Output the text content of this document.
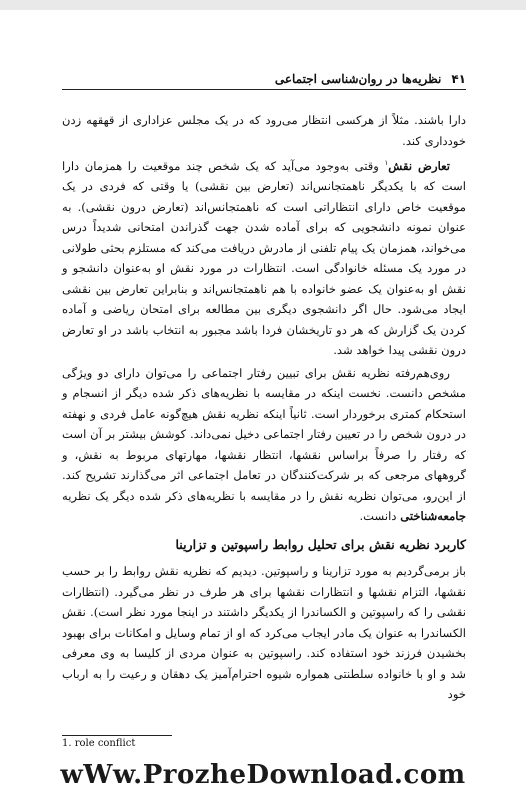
۴۱
نظریه‌ها در روان‌شناسی اجتماعی

دارا باشند. مثلاً از هرکسی انتظار می‌رود که در یک مجلس عزاداری از قهقهه زدن خودداری کند.

تعارض نقش$^۱$ وقتی به‌وجود می‌آید که یک شخص چند موقعیت را همزمان دارا است که با یکدیگر ناهمتجانس‌اند (تعارض بین نقشی) یا وقتی که فردی در یک موقعیت خاص دارای انتظاراتی است که ناهمتجانس‌اند (تعارض درون نقشی). به عنوان نمونه دانشجویی که برای آماده شدن جهت گذراندن امتحانی شدیداً درس می‌خواند، همزمان یک پیام تلفنی از مادرش دریافت می‌کند که مستلزم بحثی طولانی در مورد یک مسئله خانوادگی است. انتظارات در مورد نقش او به‌عنوان دانشجو و نقش او به‌عنوان یک عضو خانواده با هم ناهمتجانس‌اند و بنابراین تعارض بین نقشی ایجاد می‌شود. حال اگر دانشجوی دیگری بین مطالعه برای امتحان ریاضی و آماده کردن یک گزارش که هر دو تاریخشان فردا باشد مجبور به انتخاب باشد در او تعارض درون نقشی پیدا خواهد شد.

روی‌هم‌رفته نظریه نقش برای تبیین رفتار اجتماعی را می‌توان دارای دو ویژگی مشخص دانست. نخست اینکه در مقایسه با نظریه‌های ذکر شده دیگر از انسجام و استحکام کمتری برخوردار است. ثانیاً اینکه نظریه نقش هیچ‌گونه عامل فردی و نهفته در درون شخص را در تعیین رفتار اجتماعی دخیل نمی‌داند. کوشش بیشتر بر آن است که رفتار را صرفاً براساس نقشها، انتظار نقشها، مهارتهای مربوط به نقش، و گروههای مرجعی که بر شرکت‌کنندگان در تعامل اجتماعی اثر می‌گذارند تشریح کند. از این‌رو، می‌توان نظریه نقش را در مقایسه با نظریه‌های ذکر شده دیگر یک نظریه جامعه‌شناختی دانست.

کاربرد نظریه نقش برای تحلیل روابط راسپوتین و تزارینا

باز برمی‌گردیم به مورد تزارینا و راسپوتین. دیدیم که نظریه نقش روابط را بر حسب نقشها، التزام نقشها و انتظارات نقشها برای هر طرف در نظر می‌گیرد. (انتظارات نقشی را که راسپوتین و الکساندرا از یکدیگر داشتند در اینجا مورد نظر است). نقش الکساندرا به عنوان یک مادر ایجاب می‌کرد که او از تمام وسایل و امکانات برای بهبود بخشیدن فرزند خود استفاده کند. راسپوتین به عنوان مردی از کلیسا به وی معرفی شد و او با خانواده سلطنتی همواره شیوه احترام‌آمیز یک دهقان و رعیت را به ارباب خود

1. role conflict
wWw.ProzheDownload.com
